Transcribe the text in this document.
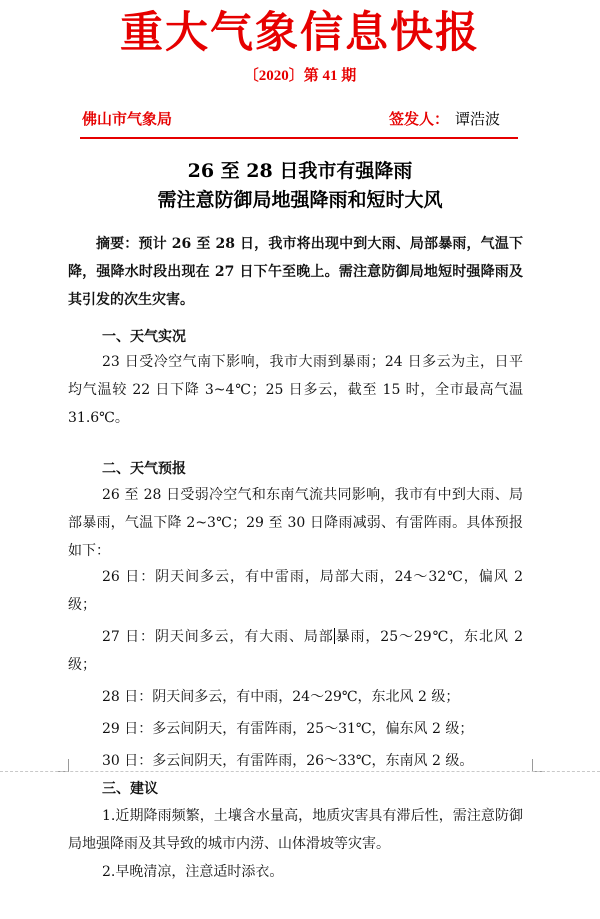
重大气象信息快报
〔2020〕第 41 期
佛山市气象局	签发人： 谭浩波
26 至 28 日我市有强降雨
需注意防御局地强降雨和短时大风
摘要：预计 26 至 28 日，我市将出现中到大雨、局部暴雨，气温下降，强降水时段出现在 27 日下午至晚上。需注意防御局地短时强降雨及其引发的次生灾害。
一、天气实况
23 日受冷空气南下影响，我市大雨到暴雨；24 日多云为主，日平均气温较 22 日下降 3~4℃；25 日多云，截至 15 时，全市最高气温 31.6℃。
二、天气预报
26 至 28 日受弱冷空气和东南气流共同影响，我市有中到大雨、局部暴雨，气温下降 2~3℃；29 至 30 日降雨减弱、有雷阵雨。具体预报如下：
26 日：阴天间多云，有中雷雨，局部大雨，24～32℃，偏风 2 级；
27 日：阴天间多云，有大雨、局部暴雨，25～29℃，东北风 2 级；
28 日：阴天间多云，有中雨，24～29℃，东北风 2 级；
29 日：多云间阴天，有雷阵雨，25～31℃，偏东风 2 级；
30 日：多云间阴天，有雷阵雨，26～33℃，东南风 2 级。
三、建议
1.近期降雨频繁，土壤含水量高，地质灾害具有滞后性，需注意防御局地强降雨及其导致的城市内涝、山体滑坡等灾害。
2.早晚清凉，注意适时添衣。
